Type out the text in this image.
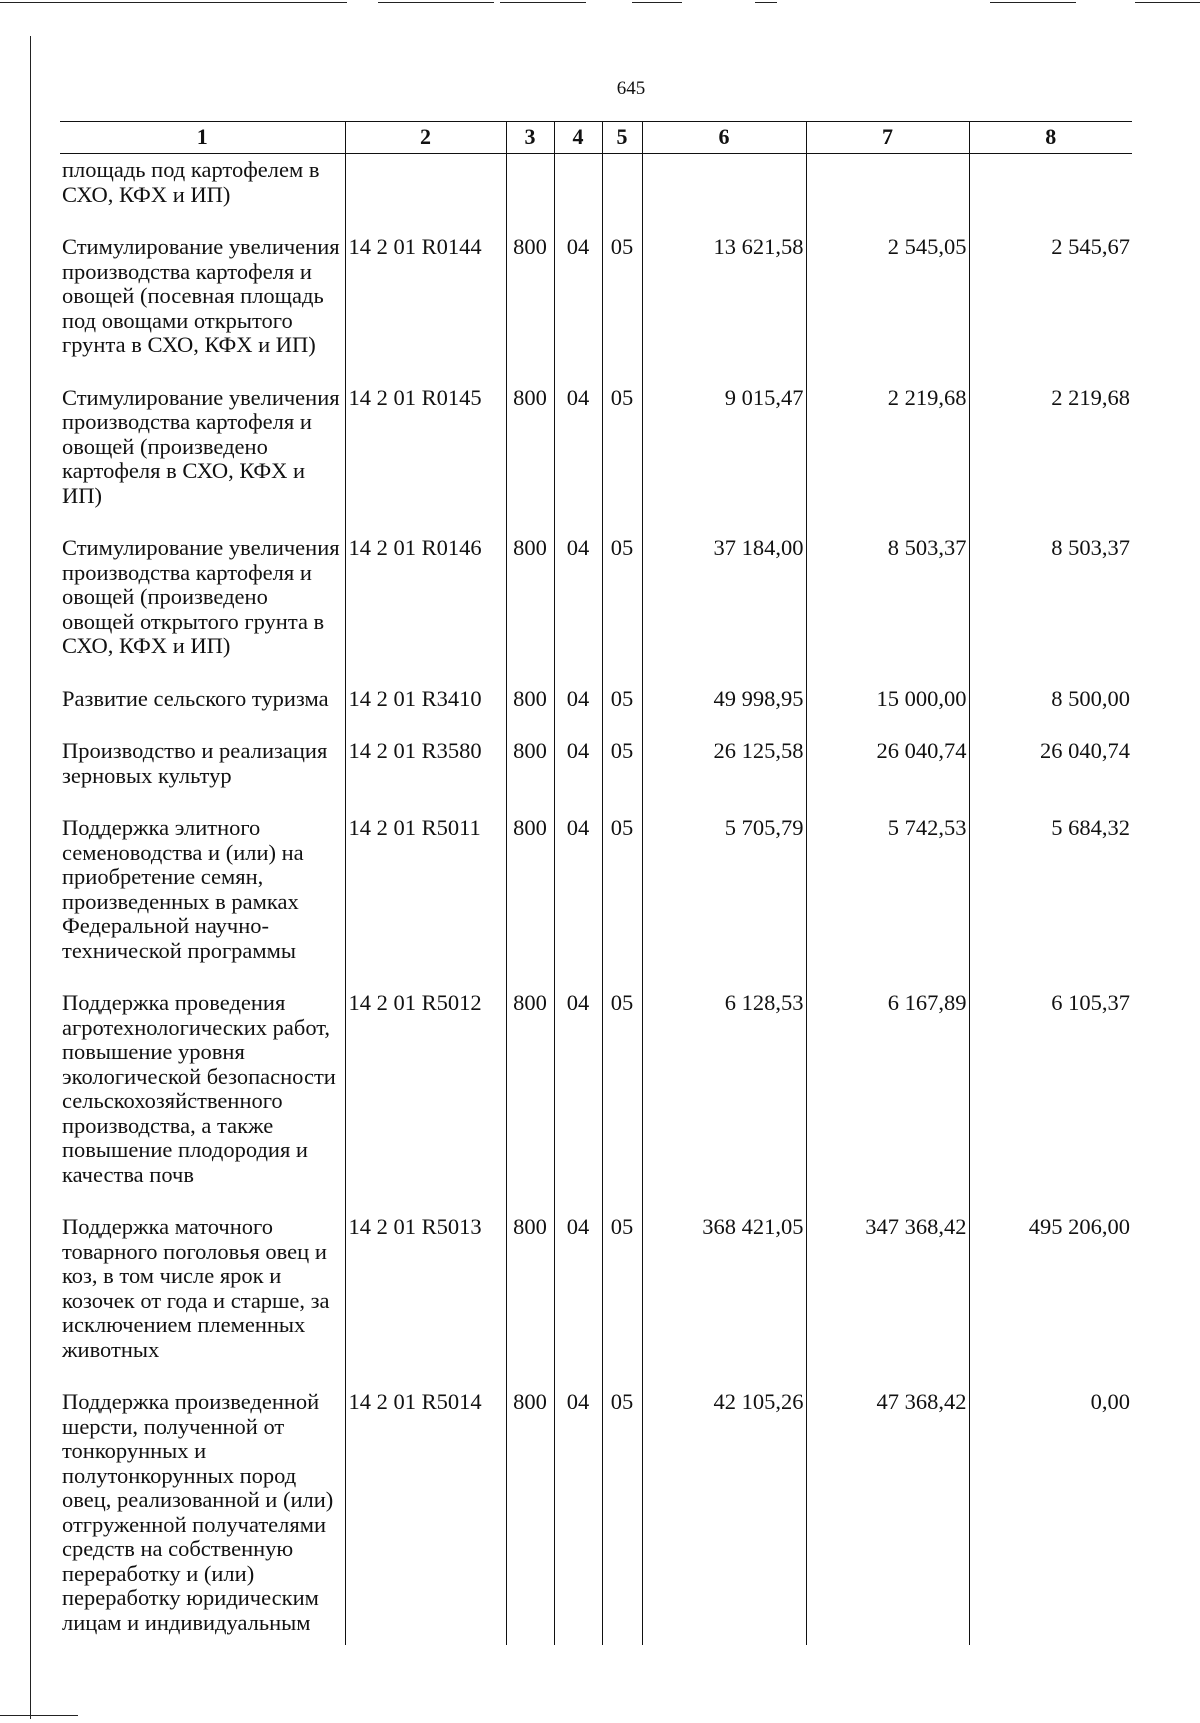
645
1	2	3	4	5	6	7	8
площадь под картофелем в СХО, КФХ и ИП)							

Стимулирование увеличения производства картофеля и овощей (посевная площадь под овощами открытого грунта в СХО, КФХ и ИП)	14 2 01 R0144	800	04	05	13 621,58	2 545,05	2 545,67

Стимулирование увеличения производства картофеля и овощей (произведено картофеля в СХО, КФХ и ИП)	14 2 01 R0145	800	04	05	9 015,47	2 219,68	2 219,68

Стимулирование увеличения производства картофеля и овощей (произведено овощей открытого грунта в СХО, КФХ и ИП)	14 2 01 R0146	800	04	05	37 184,00	8 503,37	8 503,37

Развитие сельского туризма	14 2 01 R3410	800	04	05	49 998,95	15 000,00	8 500,00

Производство и реализация зерновых культур	14 2 01 R3580	800	04	05	26 125,58	26 040,74	26 040,74

Поддержка элитного семеноводства и (или) на приобретение семян, произведенных в рамках Федеральной научно-технической программы	14 2 01 R5011	800	04	05	5 705,79	5 742,53	5 684,32

Поддержка проведения агротехнологических работ, повышение уровня экологической безопасности сельскохозяйственного производства, а также повышение плодородия и качества почв	14 2 01 R5012	800	04	05	6 128,53	6 167,89	6 105,37

Поддержка маточного товарного поголовья овец и коз, в том числе ярок и козочек от года и старше, за исключением племенных животных	14 2 01 R5013	800	04	05	368 421,05	347 368,42	495 206,00

Поддержка произведенной шерсти, полученной от тонкорунных и полутонкорунных пород овец, реализованной и (или) отгруженной получателями средств на собственную переработку и (или) переработку юридическим лицам и индивидуальным	14 2 01 R5014	800	04	05	42 105,26	47 368,42	0,00
